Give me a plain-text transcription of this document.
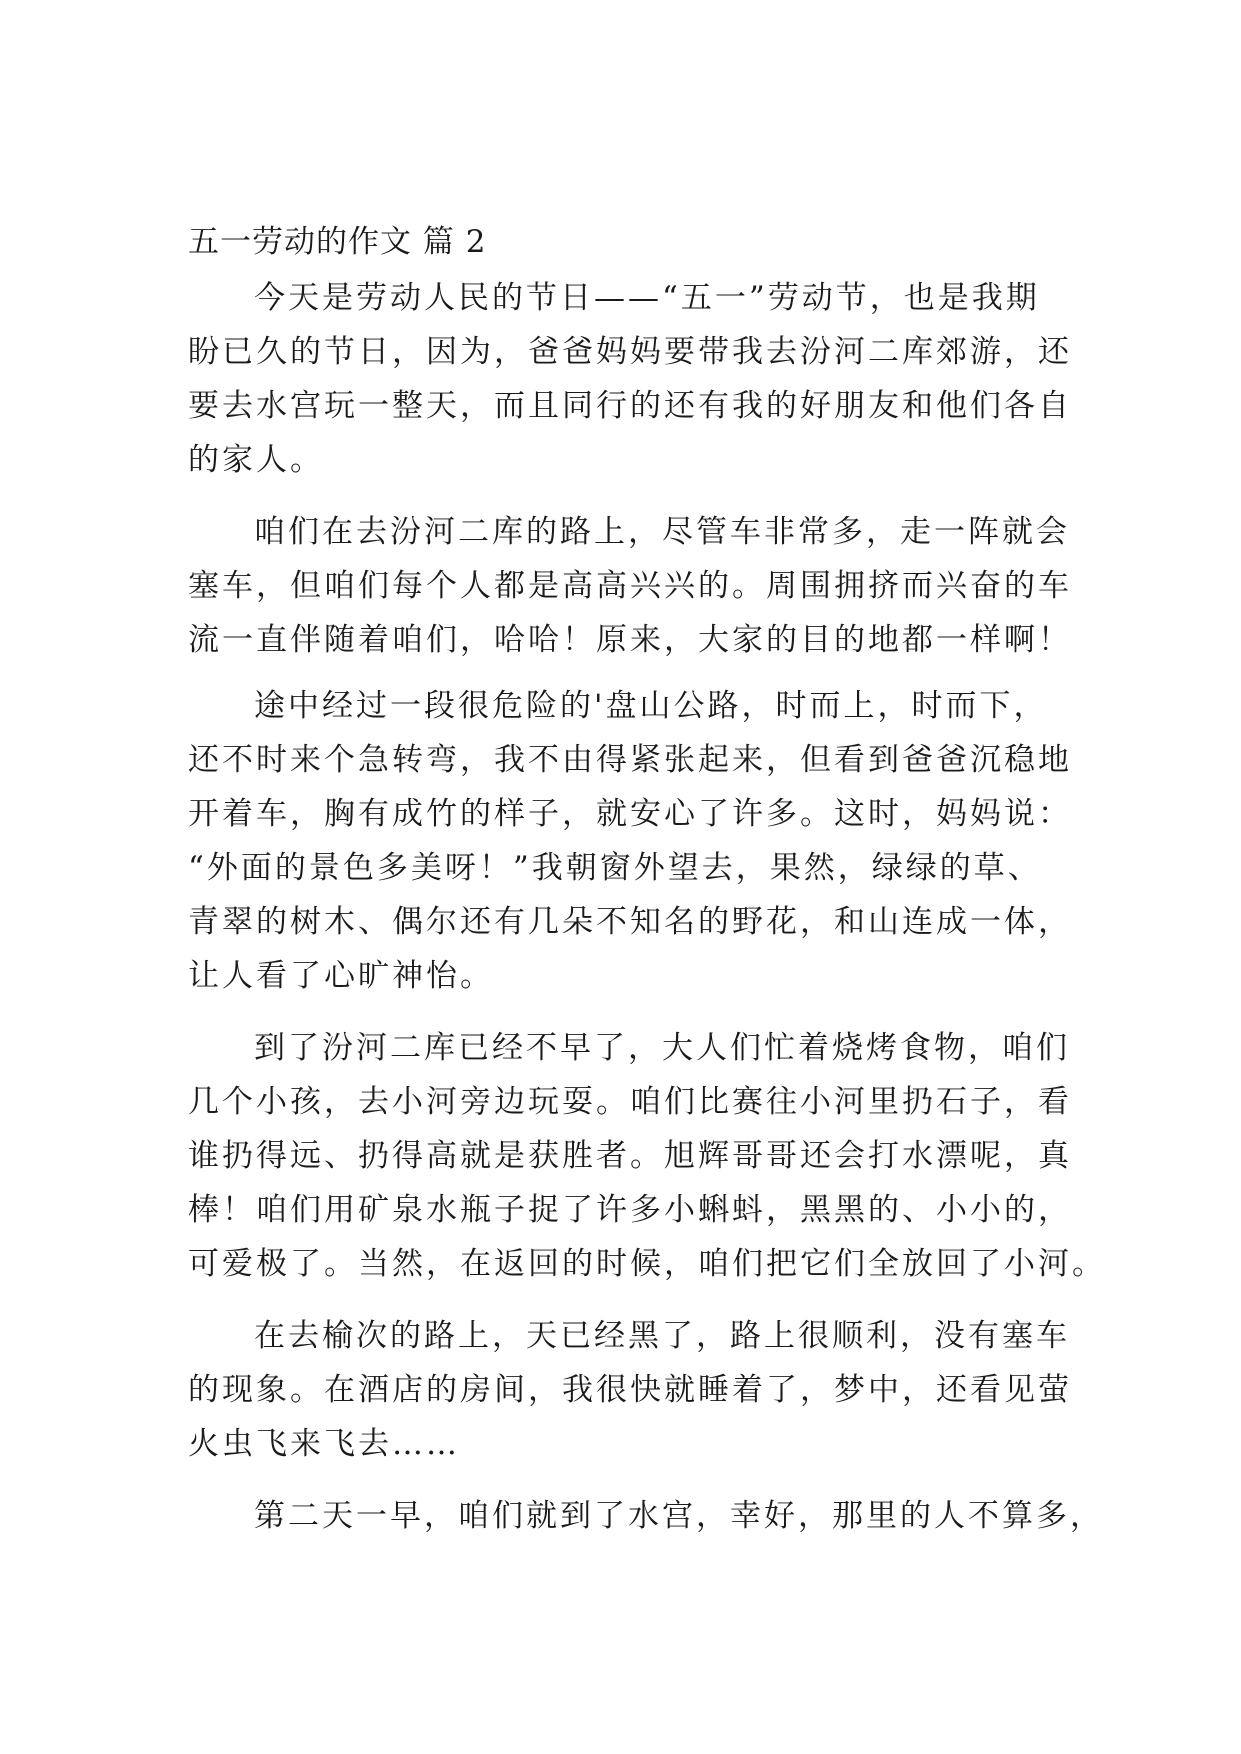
五一劳动的作文 篇 2
今天是劳动人民的节日——“五一”劳动节，也是我期
盼已久的节日，因为，爸爸妈妈要带我去汾河二库郊游，还
要去水宫玩一整天，而且同行的还有我的好朋友和他们各自
的家人。
咱们在去汾河二库的路上，尽管车非常多，走一阵就会
塞车，但咱们每个人都是高高兴兴的。周围拥挤而兴奋的车
流一直伴随着咱们，哈哈！原来，大家的目的地都一样啊！
途中经过一段很危险的'盘山公路，时而上，时而下，
还不时来个急转弯，我不由得紧张起来，但看到爸爸沉稳地
开着车，胸有成竹的样子，就安心了许多。这时，妈妈说：
“外面的景色多美呀！”我朝窗外望去，果然，绿绿的草、
青翠的树木、偶尔还有几朵不知名的野花，和山连成一体，
让人看了心旷神怡。
到了汾河二库已经不早了，大人们忙着烧烤食物，咱们
几个小孩，去小河旁边玩耍。咱们比赛往小河里扔石子，看
谁扔得远、扔得高就是获胜者。旭辉哥哥还会打水漂呢，真
棒！咱们用矿泉水瓶子捉了许多小蝌蚪，黑黑的、小小的，
可爱极了。当然，在返回的时候，咱们把它们全放回了小河。
在去榆次的路上，天已经黑了，路上很顺利，没有塞车
的现象。在酒店的房间，我很快就睡着了，梦中，还看见萤
火虫飞来飞去……
第二天一早，咱们就到了水宫，幸好，那里的人不算多，
